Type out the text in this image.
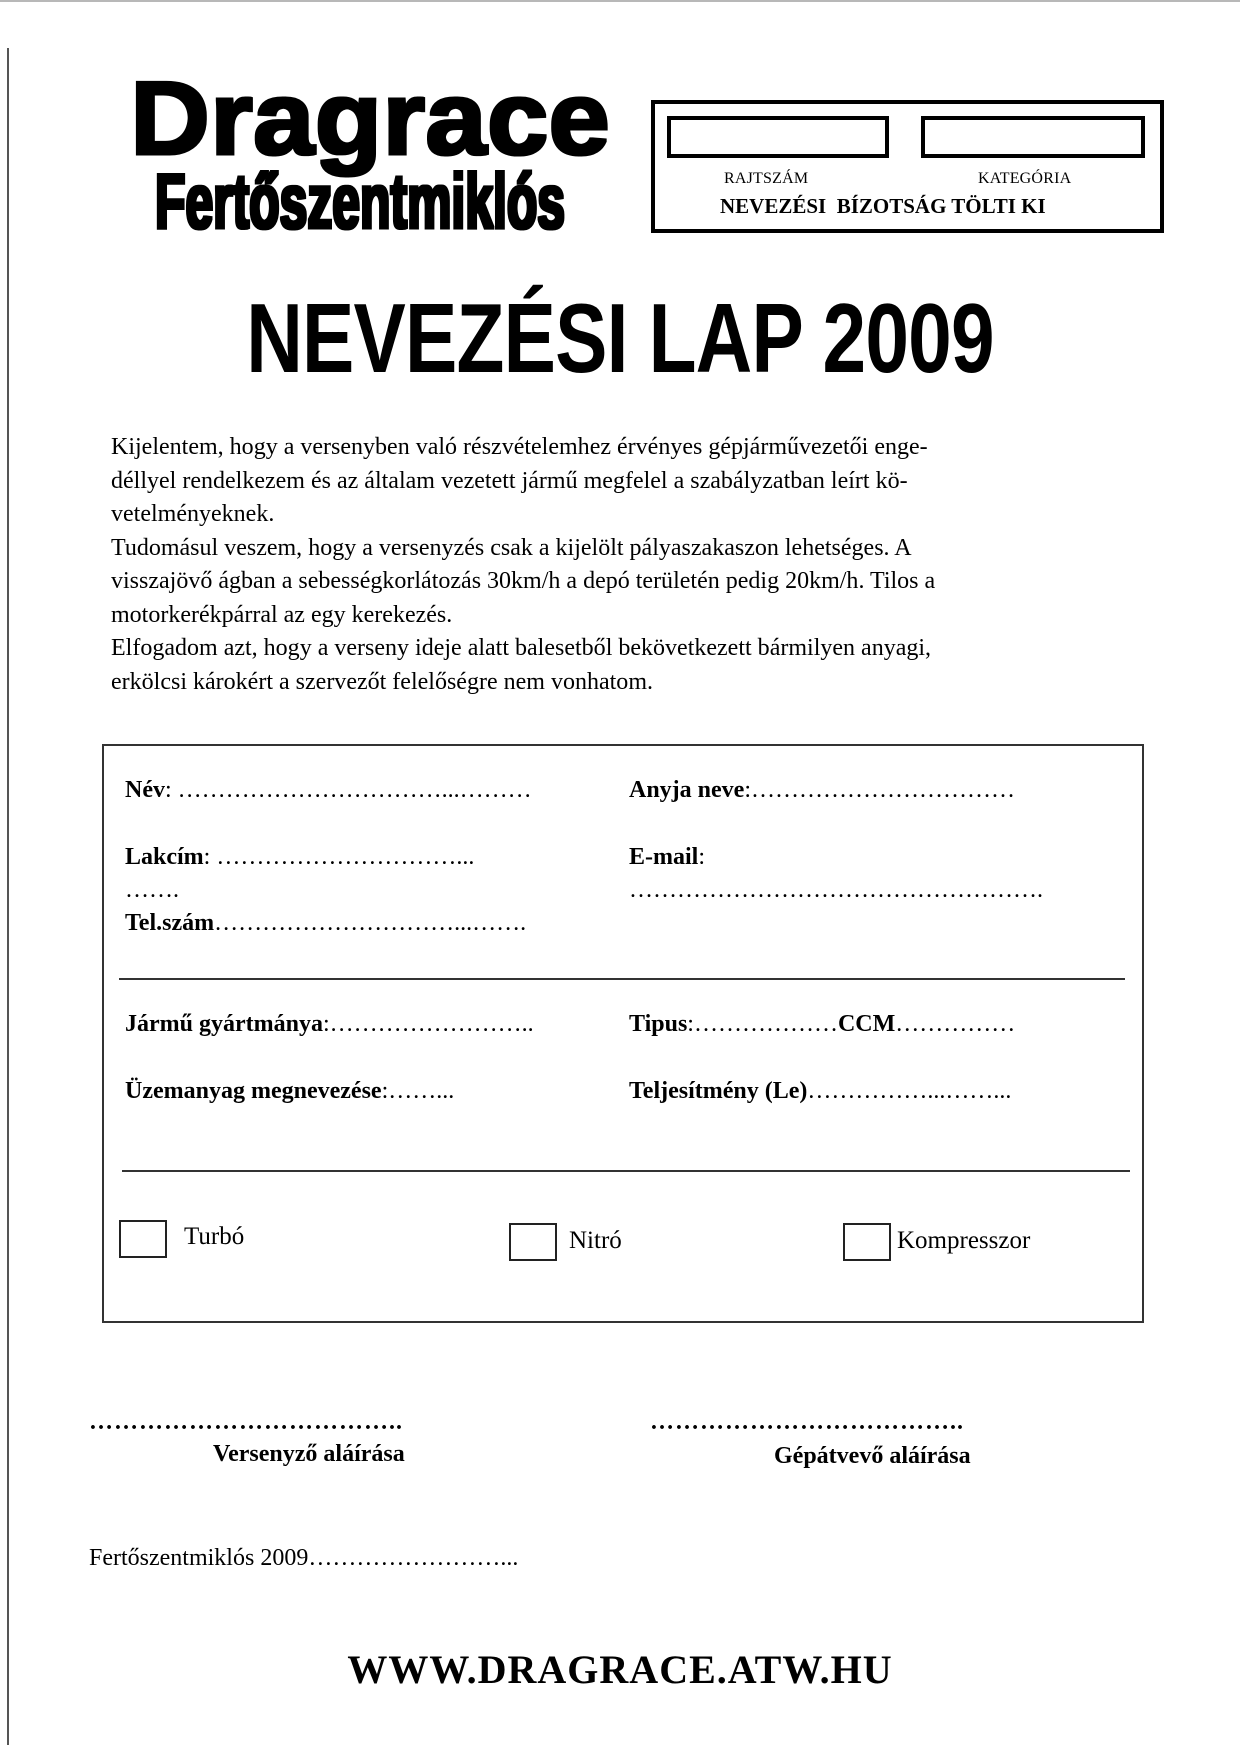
Dragrace
Fertőszentmiklós	RAJTSZÁM	KATEGÓRIA
NEVEZÉSI  BÍZOTSÁG TÖLTI KI
NEVEZÉSI LAP 2009

Kijelentem, hogy a versenyben való részvételemhez érvényes gépjárművezetői enge-

déllyel rendelkezem és az általam vezetett jármű megfelel a szabályzatban leírt kö-

vetelményeknek.

Tudomásul veszem, hogy a versenyzés csak a kijelölt pályaszakaszon lehetséges. A

visszajövő ágban a sebességkorlátozás 30km/h a depó területén pedig 20km/h. Tilos a

motorkerékpárral az egy kerekezés.

Elfogadom azt, hogy a verseny ideje alatt balesetből bekövetkezett bármilyen anyagi,

erkölcsi károkért a szervezőt felelőségre nem vonhatom.

Név: ……………………………...………	Anyja neve:……………………………
Lakcím: …………………………...
…….
E-mail:
…………………………………………….
Tel.szám…………………………...…….
Jármű gyártmánya:……………………..	Tipus:………………CCM……………
Üzemanyag megnevezése:……...	Teljesítmény (Le)……………...……...
Turbó	Nitró	Kompresszor
………………………………..	………………………………..
Versenyző aláírása	Gépátvevő aláírása
Fertőszentmiklós 2009……………………...
WWW.DRAGRACE.ATW.HU
